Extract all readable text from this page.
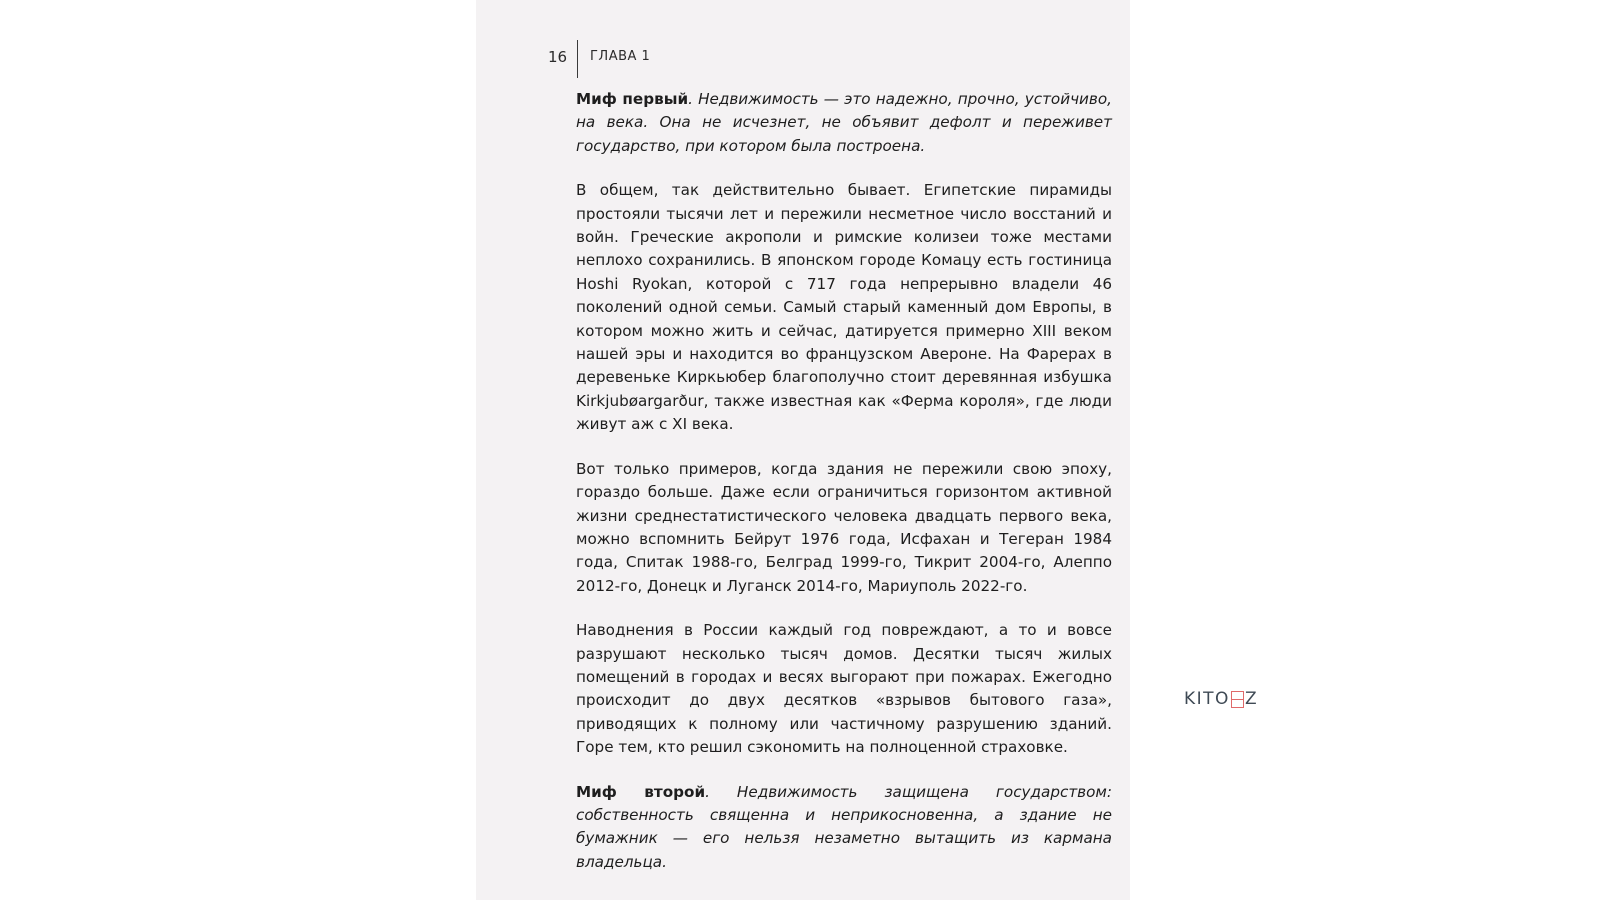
16 ГЛАВА 1

Миф первый. Недвижимость — это надежно, прочно, устойчиво, на века. Она не исчезнет, не объявит дефолт и переживет государство, при котором была построена.

В общем, так действительно бывает. Египетские пирамиды простояли тысячи лет и пережили несметное число восстаний и войн. Греческие акрополи и римские колизеи тоже местами неплохо сохранились. В японском городе Комацу есть гостиница Hoshi Ryokan, которой с 717 года непрерывно владели 46 поколений одной семьи. Самый старый каменный дом Европы, в котором можно жить и сейчас, датируется примерно XIII веком нашей эры и находится во французском Авероне. На Фарерах в деревеньке Киркьюбер благополучно стоит деревянная избушка Kirkjubøargarður, также известная как «Ферма короля», где люди живут аж с XI века.

Вот только примеров, когда здания не пережили свою эпоху, гораздо больше. Даже если ограничиться горизонтом активной жизни среднестатистического человека двадцать первого века, можно вспомнить Бейрут 1976 года, Исфахан и Тегеран 1984 года, Спитак 1988-го, Белград 1999-го, Тикрит 2004-го, Алеппо 2012-го, Донецк и Луганск 2014-го, Мариуполь 2022-го.

Наводнения в России каждый год повреждают, а то и вовсе разрушают несколько тысяч домов. Десятки тысяч жилых помещений в городах и весях выгорают при пожарах. Ежегодно происходит до двух десятков «взрывов бытового газа», приводящих к полному или частичному разрушению зданий. Горе тем, кто решил сэкономить на полноценной страховке.

Миф второй. Недвижимость защищена государством: собственность священна и неприкосновенна, а здание не бумажник — его нельзя незаметно вытащить из кармана владельца.

KITO Z
